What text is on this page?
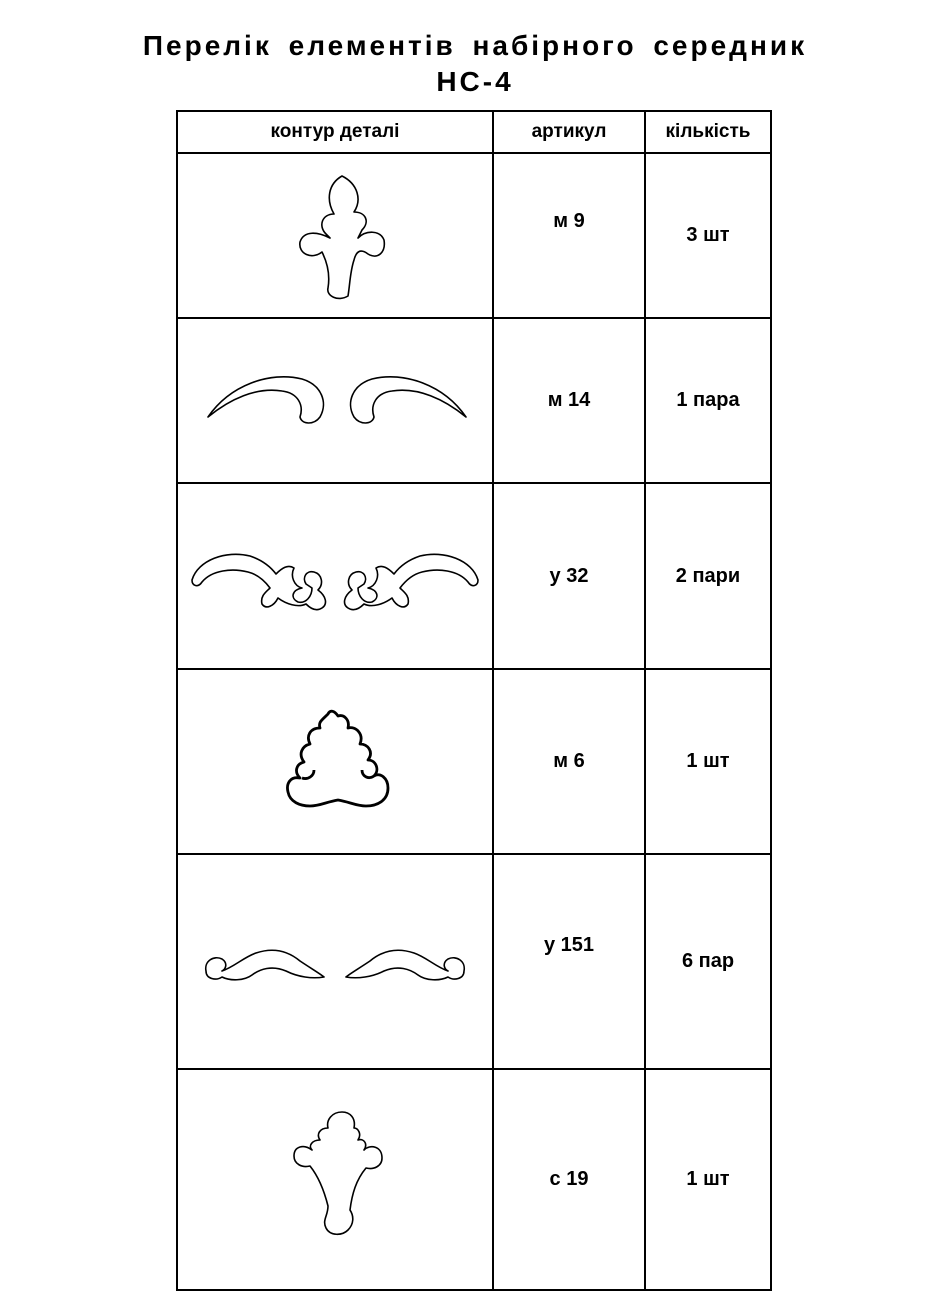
Перелік елементів набірного середник
НС-4
контур деталі	артикул	кількість

	м 9	3 шт

	м 14	1 пара

	у 32	2 пари

	м 6	1 шт

	у 151	6 пар

	с 19	1 шт
